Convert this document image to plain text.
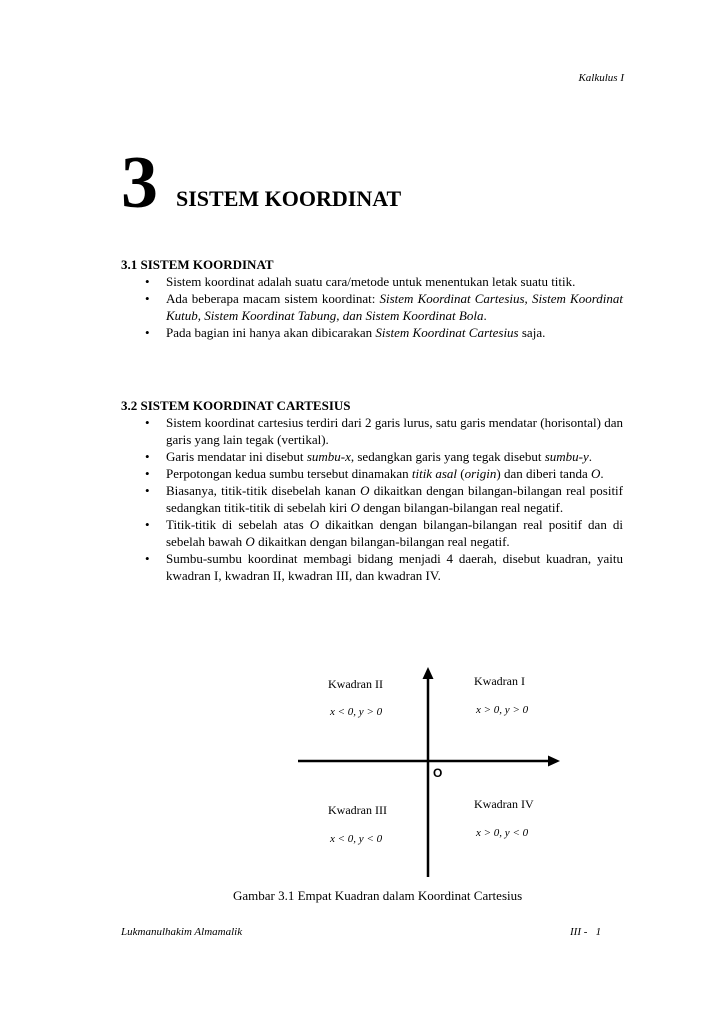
Kalkulus I
3 SISTEM KOORDINAT
3.1 SISTEM KOORDINAT
• Sistem koordinat adalah suatu cara/metode untuk menentukan letak suatu titik.
• Ada beberapa macam sistem koordinat: Sistem Koordinat Cartesius, Sistem Koordinat Kutub, Sistem Koordinat Tabung, dan Sistem Koordinat Bola.
• Pada bagian ini hanya akan dibicarakan Sistem Koordinat Cartesius saja.
3.2 SISTEM KOORDINAT CARTESIUS
• Sistem koordinat cartesius terdiri dari 2 garis lurus, satu garis mendatar (horisontal) dan garis yang lain tegak (vertikal).
• Garis mendatar ini disebut sumbu-x, sedangkan garis yang tegak disebut sumbu-y.
• Perpotongan kedua sumbu tersebut dinamakan titik asal (origin) dan diberi tanda O.
• Biasanya, titik-titik disebelah kanan O dikaitkan dengan bilangan-bilangan real positif sedangkan titik-titik di sebelah kiri O dengan bilangan-bilangan real negatif.
• Titik-titik di sebelah atas O dikaitkan dengan bilangan-bilangan real positif dan di sebelah bawah O dikaitkan dengan bilangan-bilangan real negatif.
• Sumbu-sumbu koordinat membagi bidang menjadi 4 daerah, disebut kuadran, yaitu kwadran I, kwadran II, kwadran III, dan kwadran IV.
Kwadran II
x < 0, y > 0
Kwadran I
x > 0, y > 0
O
Kwadran III
x < 0, y < 0
Kwadran IV
x > 0, y < 0
Gambar 3.1 Empat Kuadran dalam Koordinat Cartesius
Lukmanulhakim Almamalik	III -   1
